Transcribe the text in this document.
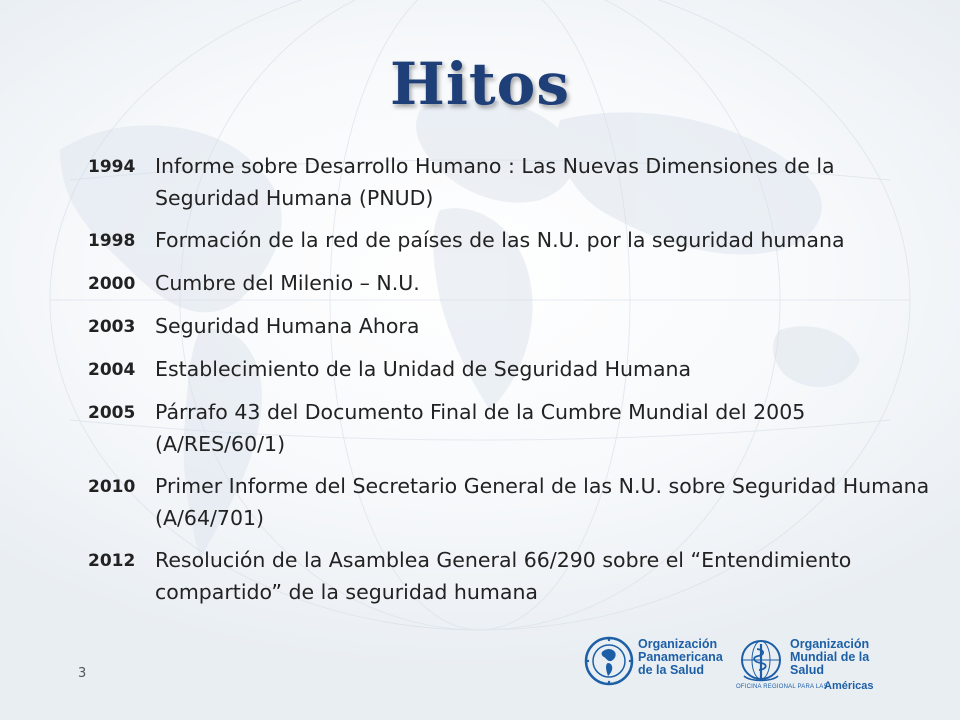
Hitos
1994 Informe sobre Desarrollo Humano : Las Nuevas Dimensiones de la Seguridad Humana (PNUD)
1998 Formación de la red de países de las N.U. por la seguridad humana
2000 Cumbre del Milenio – N.U.
2003 Seguridad Humana Ahora
2004 Establecimiento de la Unidad de Seguridad Humana
2005 Párrafo 43 del Documento Final de la Cumbre Mundial del 2005 (A/RES/60/1)
2010 Primer Informe del Secretario General de las N.U. sobre Seguridad Humana (A/64/701)
2012 Resolución de la Asamblea General 66/290 sobre el “Entendimiento compartido” de la seguridad humana
3
Organización
Panamericana
de la Salud
Organización
Mundial de la Salud
OFICINA REGIONAL PARA LAS
Américas
